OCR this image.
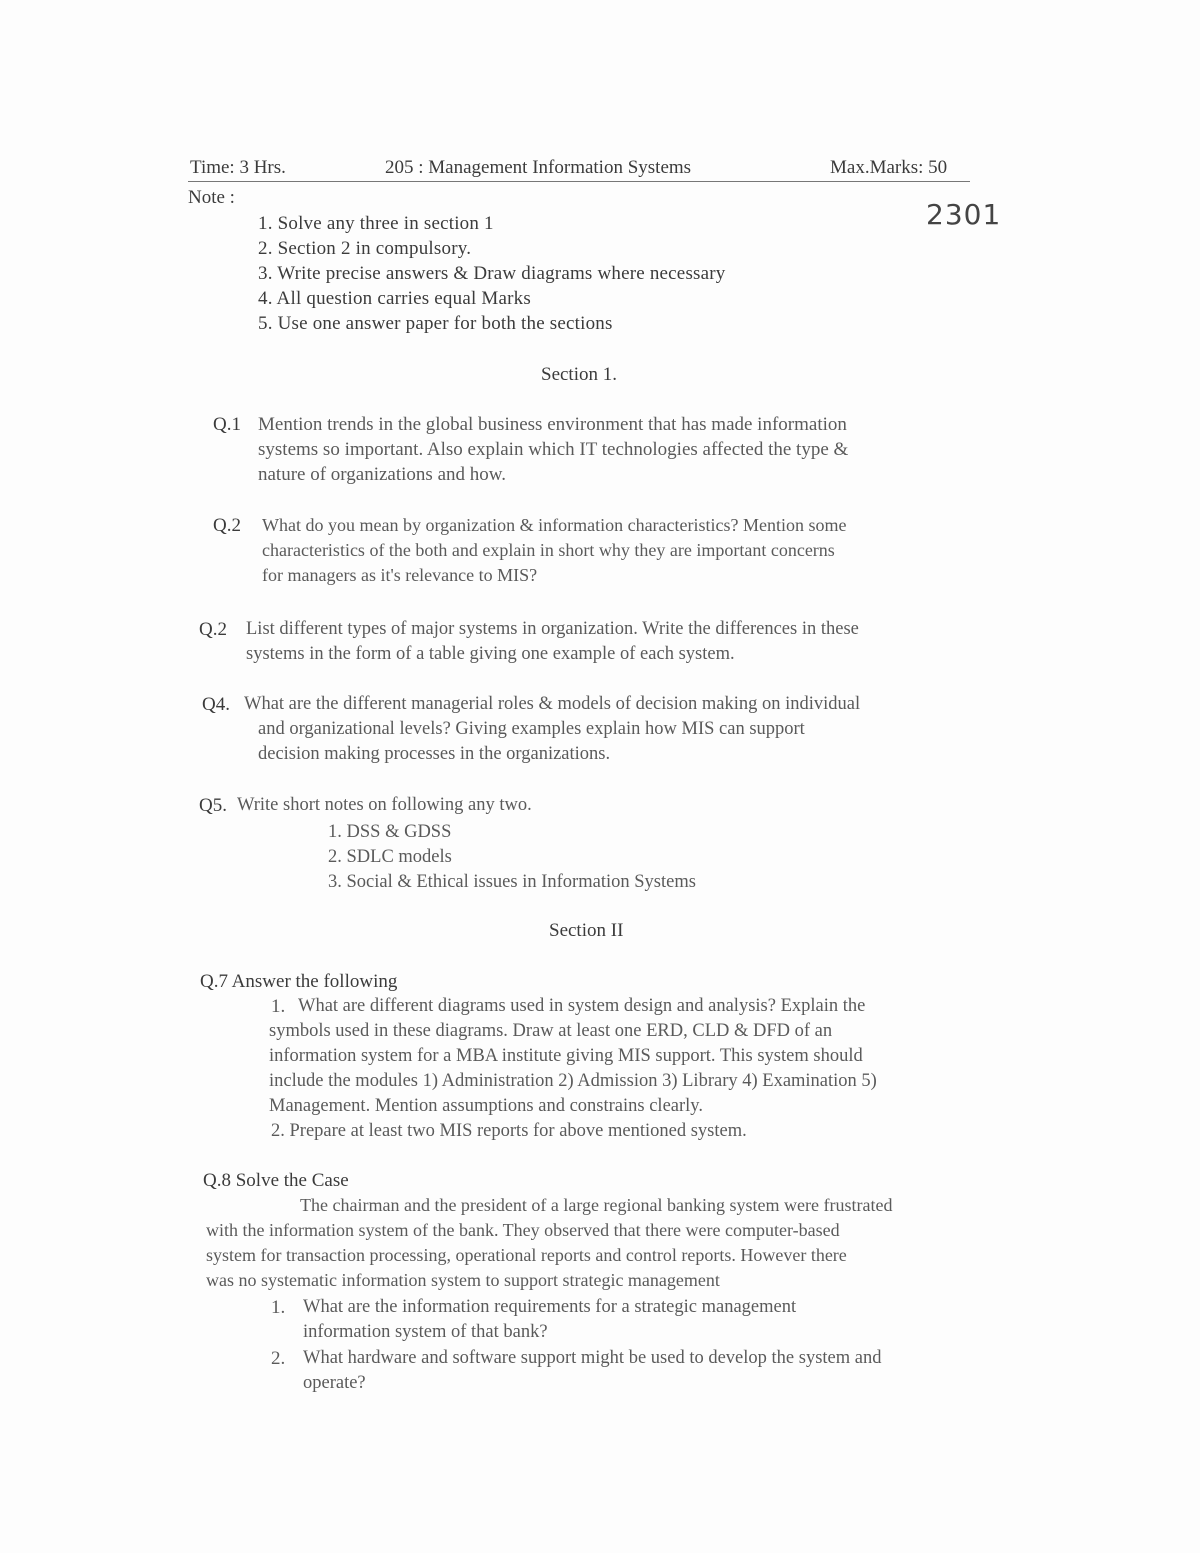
Time: 3 Hrs.	205 : Management Information Systems	Max.Marks: 50
2301
Note :
1. Solve any three in section 1
2. Section 2 in compulsory.
3. Write precise answers & Draw diagrams where necessary
4. All question carries equal Marks
5. Use one answer paper for both the sections
Section 1.
Q.1 Mention trends in the global business environment that has made information
systems so important. Also explain which IT technologies affected the type &
nature of organizations and how.
Q.2 What do you mean by organization & information characteristics? Mention some
characteristics of the both and explain in short why they are important concerns
for managers as it's relevance to MIS?
Q.2 List different types of major systems in organization. Write the differences in these
systems in the form of a table giving one example of each system.
Q4. What are the different managerial roles & models of decision making on individual
and organizational levels? Giving examples explain how MIS can support
decision making processes in the organizations.
Q5. Write short notes on following any two.
1. DSS & GDSS
2. SDLC models
3. Social & Ethical issues in Information Systems
Section II
Q.7 Answer the following
1. What are different diagrams used in system design and analysis? Explain the
symbols used in these diagrams. Draw at least one ERD, CLD & DFD of an
information system for a MBA institute giving MIS support. This system should
include the modules 1) Administration 2) Admission 3) Library 4) Examination 5)
Management. Mention assumptions and constrains clearly.
2. Prepare at least two MIS reports for above mentioned system.
Q.8 Solve the Case
The chairman and the president of a large regional banking system were frustrated
with the information system of the bank. They observed that there were computer-based
system for transaction processing, operational reports and control reports. However there
was no systematic information system to support strategic management
1. What are the information requirements for a strategic management
information system of that bank?
2. What hardware and software support might be used to develop the system and
operate?
